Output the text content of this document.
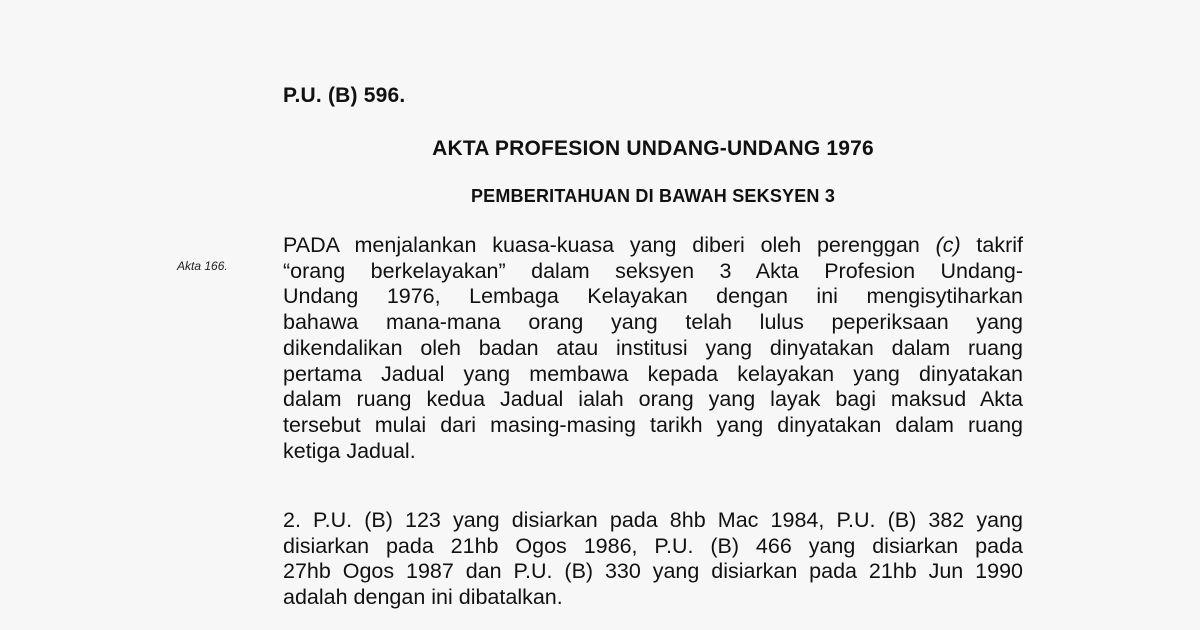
P.U. (B) 596.
AKTA PROFESION UNDANG-UNDANG 1976
PEMBERITAHUAN DI BAWAH SEKSYEN 3
Akta 166.
PADA menjalankan kuasa-kuasa yang diberi oleh perenggan (c) takrif
“orang berkelayakan” dalam seksyen 3 Akta Profesion Undang-
Undang 1976, Lembaga Kelayakan dengan ini mengisytiharkan
bahawa mana-mana orang yang telah lulus peperiksaan yang
dikendalikan oleh badan atau institusi yang dinyatakan dalam ruang
pertama Jadual yang membawa kepada kelayakan yang dinyatakan
dalam ruang kedua Jadual ialah orang yang layak bagi maksud Akta
tersebut mulai dari masing-masing tarikh yang dinyatakan dalam ruang
ketiga Jadual.
2. P.U. (B) 123 yang disiarkan pada 8hb Mac 1984, P.U. (B) 382 yang
disiarkan pada 21hb Ogos 1986, P.U. (B) 466 yang disiarkan pada
27hb Ogos 1987 dan P.U. (B) 330 yang disiarkan pada 21hb Jun 1990
adalah dengan ini dibatalkan.
